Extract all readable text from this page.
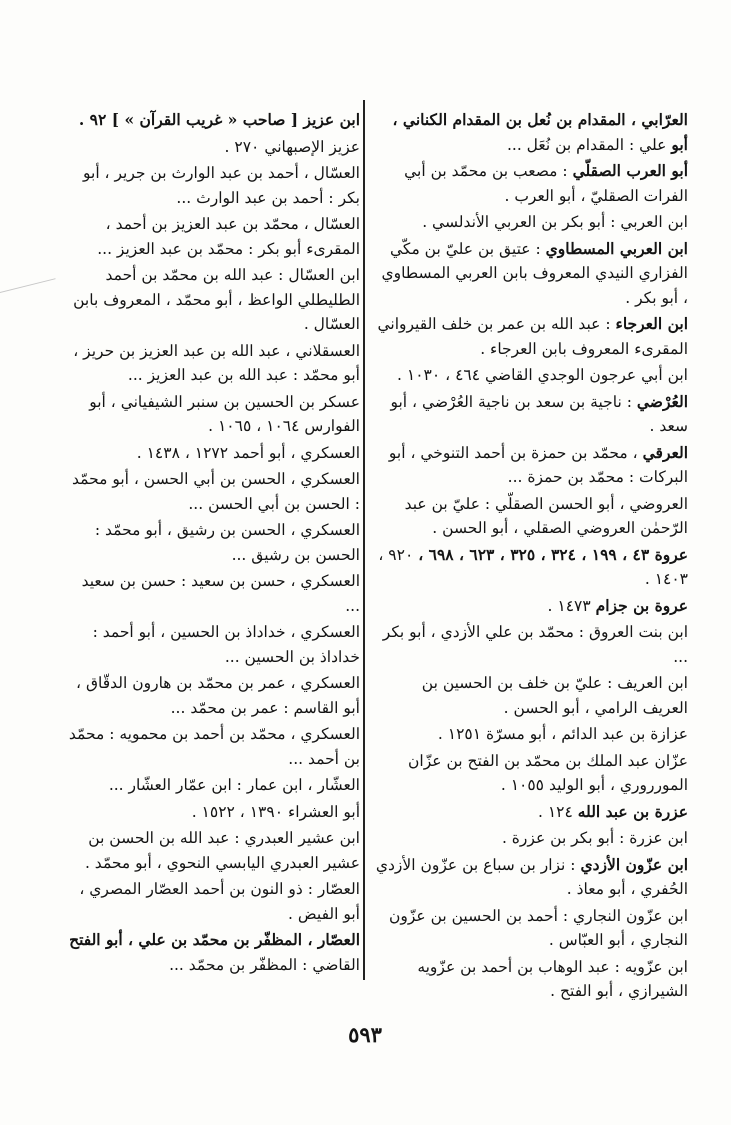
العرّابي ، المقدام بن نُعل بن المقدام الكناني ، أبو علي : المقدام بن نُعَل ...
أبو العرب الصقلّي : مصعب بن محمّد بن أبي الفرات الصقليّ ، أبو العرب .
ابن العربي : أبو بكر بن العربي الأندلسي .
ابن العربي المسطاوي : عتيق بن عليّ بن مكّي الفزاري النيدي المعروف بابن العربي المسطاوي ، أبو بكر .
ابن العرجاء : عبد الله بن عمر بن خلف القيرواني المقرىء المعروف بابن العرجاء .
ابن أبي عرجون الوجدي القاضي ٤٦٤ ، ١٠٣٠ .
العُرْضي : ناجية بن سعد بن ناجية العُرْضي ، أبو سعد .
العرقي ، محمّد بن حمزة بن أحمد التنوخي ، أبو البركات : محمّد بن حمزة ...
العروضي ، أبو الحسن الصقلّي : عليّ بن عبد الرّحمٰن العروضي الصقلي ، أبو الحسن .
عروة ٤٣ ، ١٩٩ ، ٣٢٤ ، ٣٢٥ ، ٦٢٣ ، ٦٩٨ ، ٩٢٠ ، ١٤٠٣ .
عروة بن جزام ١٤٧٣ .
ابن بنت العروق : محمّد بن علي الأزدي ، أبو بكر ...
ابن العريف : عليّ بن خلف بن الحسين بن العريف الرامي ، أبو الحسن .
عزازة بن عبد الدائم ، أبو مسرّة ١٢٥١ .
عزّان عبد الملك بن محمّد بن الفتح بن عزّان المورروري ، أبو الوليد ١٠٥٥ .
عزرة بن عبد الله ١٢٤ .
ابن عزرة : أبو بكر بن عزرة .
ابن عزّون الأزدي : نزار بن سباع بن عزّون الأزدي الحُفري ، أبو معاذ .
ابن عزّون النجاري : أحمد بن الحسين بن عزّون النجاري ، أبو العبّاس .
ابن عزّويه : عبد الوهاب بن أحمد بن عزّويه الشيرازي ، أبو الفتح .
ابن عزيز [ صاحب « غريب القرآن » ] ٩٢ .
عزيز الإصبهاني ٢٧٠ .
العسّال ، أحمد بن عبد الوارث بن جرير ، أبو بكر : أحمد بن عبد الوارث ...
العسّال ، محمّد بن عبد العزيز بن أحمد ، المقرىء أبو بكر : محمّد بن عبد العزيز ...
ابن العسّال : عبد الله بن محمّد بن أحمد الطليطلي الواعظ ، أبو محمّد ، المعروف بابن العسّال .
العسقلاني ، عبد الله بن عبد العزيز بن حريز ، أبو محمّد : عبد الله بن عبد العزيز ...
عسكر بن الحسين بن سنبر الشيفياني ، أبو الفوارس ١٠٦٤ ، ١٠٦٥ .
العسكري ، أبو أحمد ١٢٧٢ ، ١٤٣٨ .
العسكري ، الحسن بن أبي الحسن ، أبو محمّد : الحسن بن أبي الحسن ...
العسكري ، الحسن بن رشيق ، أبو محمّد : الحسن بن رشيق ...
العسكري ، حسن بن سعيد : حسن بن سعيد ...
العسكري ، خداداذ بن الحسين ، أبو أحمد : خداداذ بن الحسين ...
العسكري ، عمر بن محمّد بن هارون الدقّاق ، أبو القاسم : عمر بن محمّد ...
العسكري ، محمّد بن أحمد بن محمويه : محمّد بن أحمد ...
العشّار ، ابن عمار : ابن عمّار العشّار ...
أبو العشراء ١٣٩٠ ، ١٥٢٢ .
ابن عشير العبدري : عبد الله بن الحسن بن عشير العبدري اليابسي النحوي ، أبو محمّد .
العصّار : ذو النون بن أحمد العصّار المصري ، أبو الفيض .
العصّار ، المظفّر بن محمّد بن علي ، أبو الفتح القاضي : المظفّر بن محمّد ...
٥٩٣
